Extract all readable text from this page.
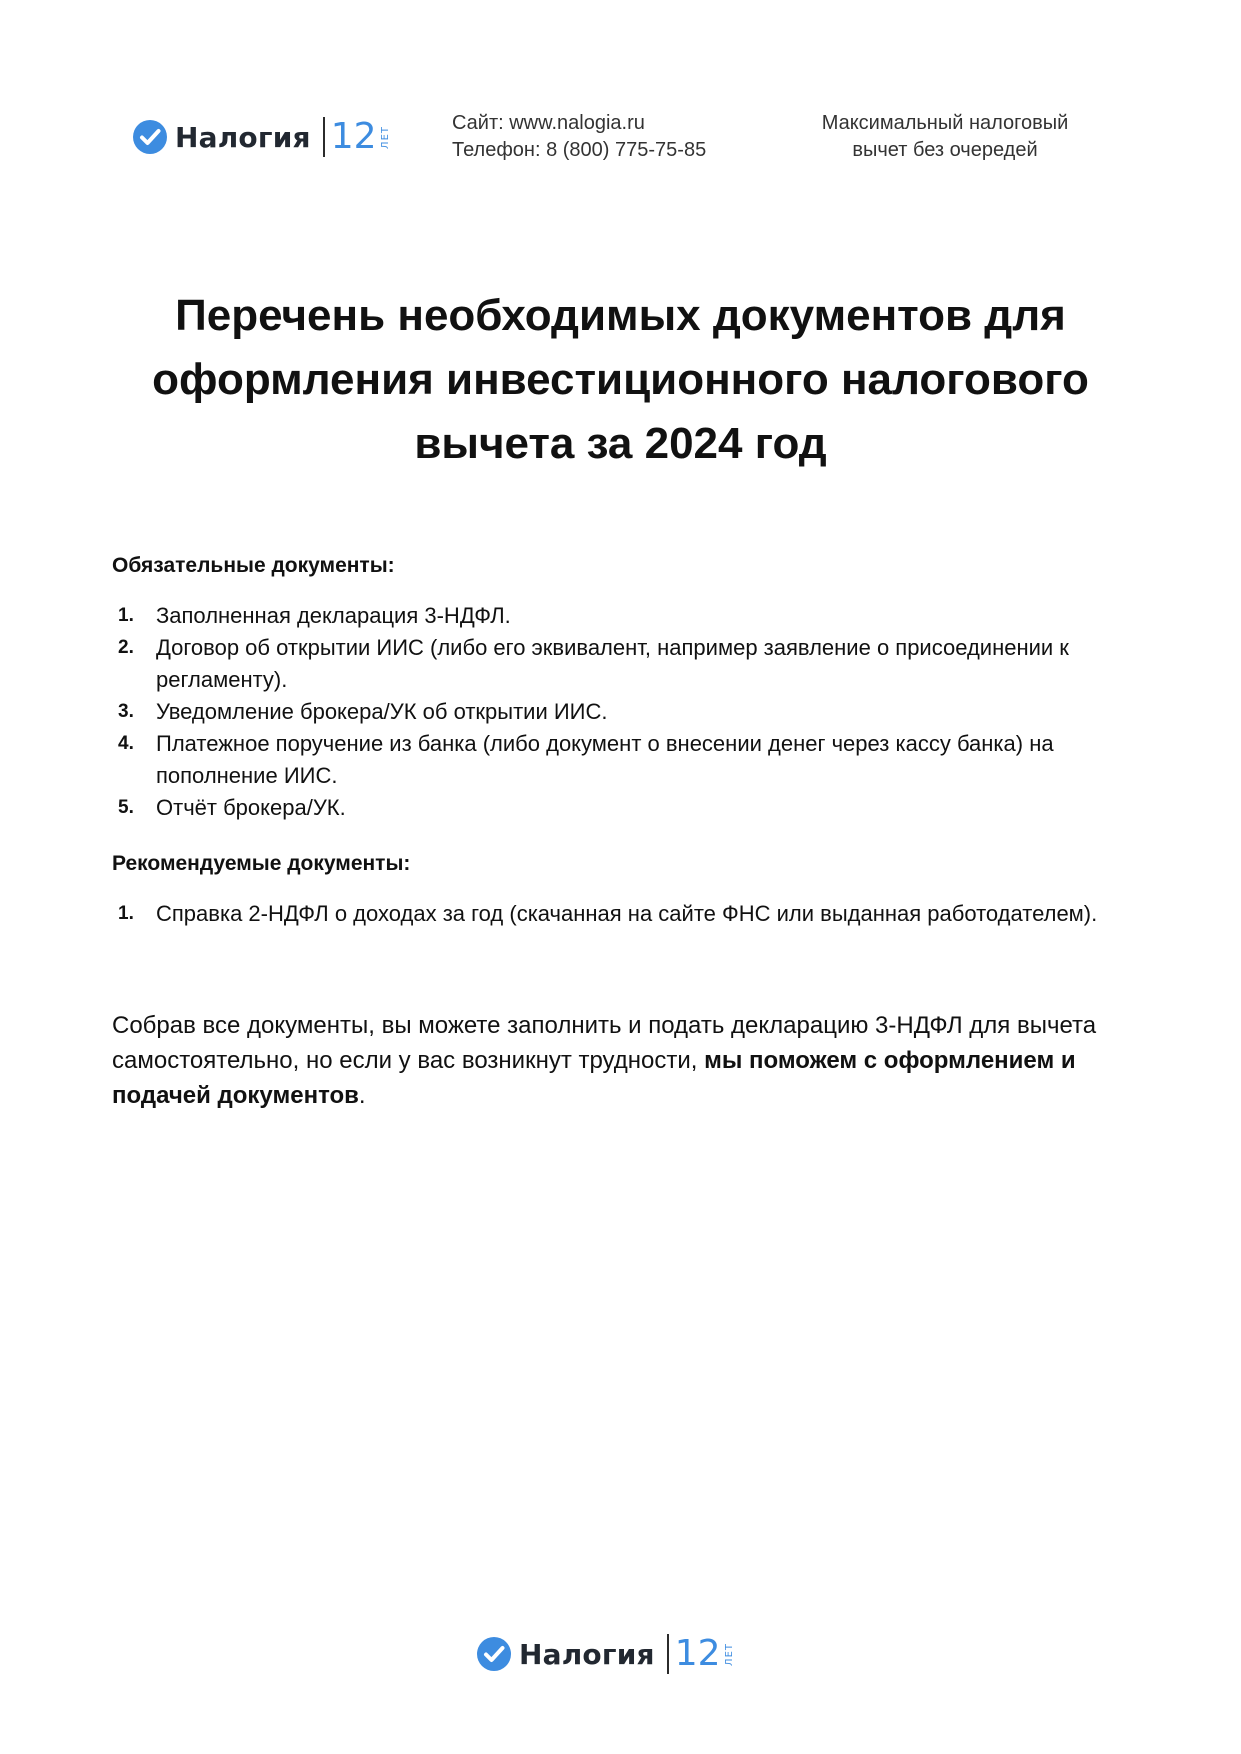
Налогия 12 ЛЕТ
Сайт: www.nalogia.ru
Телефон: 8 (800) 775-75-85
Максимальный налоговый
вычет без очередей
Перечень необходимых документов для
оформления инвестиционного налогового
вычета за 2024 год
Обязательные документы:
1. Заполненная декларация 3-НДФЛ.
2. Договор об открытии ИИС (либо его эквивалент, например заявление о присоединении к регламенту).
3. Уведомление брокера/УК об открытии ИИС.
4. Платежное поручение из банка (либо документ о внесении денег через кассу банка) на пополнение ИИС.
5. Отчёт брокера/УК.
Рекомендуемые документы:
1. Справка 2-НДФЛ о доходах за год (скачанная на сайте ФНС или выданная работодателем).

Собрав все документы, вы можете заполнить и подать декларацию 3-НДФЛ для вычета самостоятельно, но если у вас возникнут трудности, мы поможем с оформлением и подачей документов.

Налогия 12 ЛЕТ
